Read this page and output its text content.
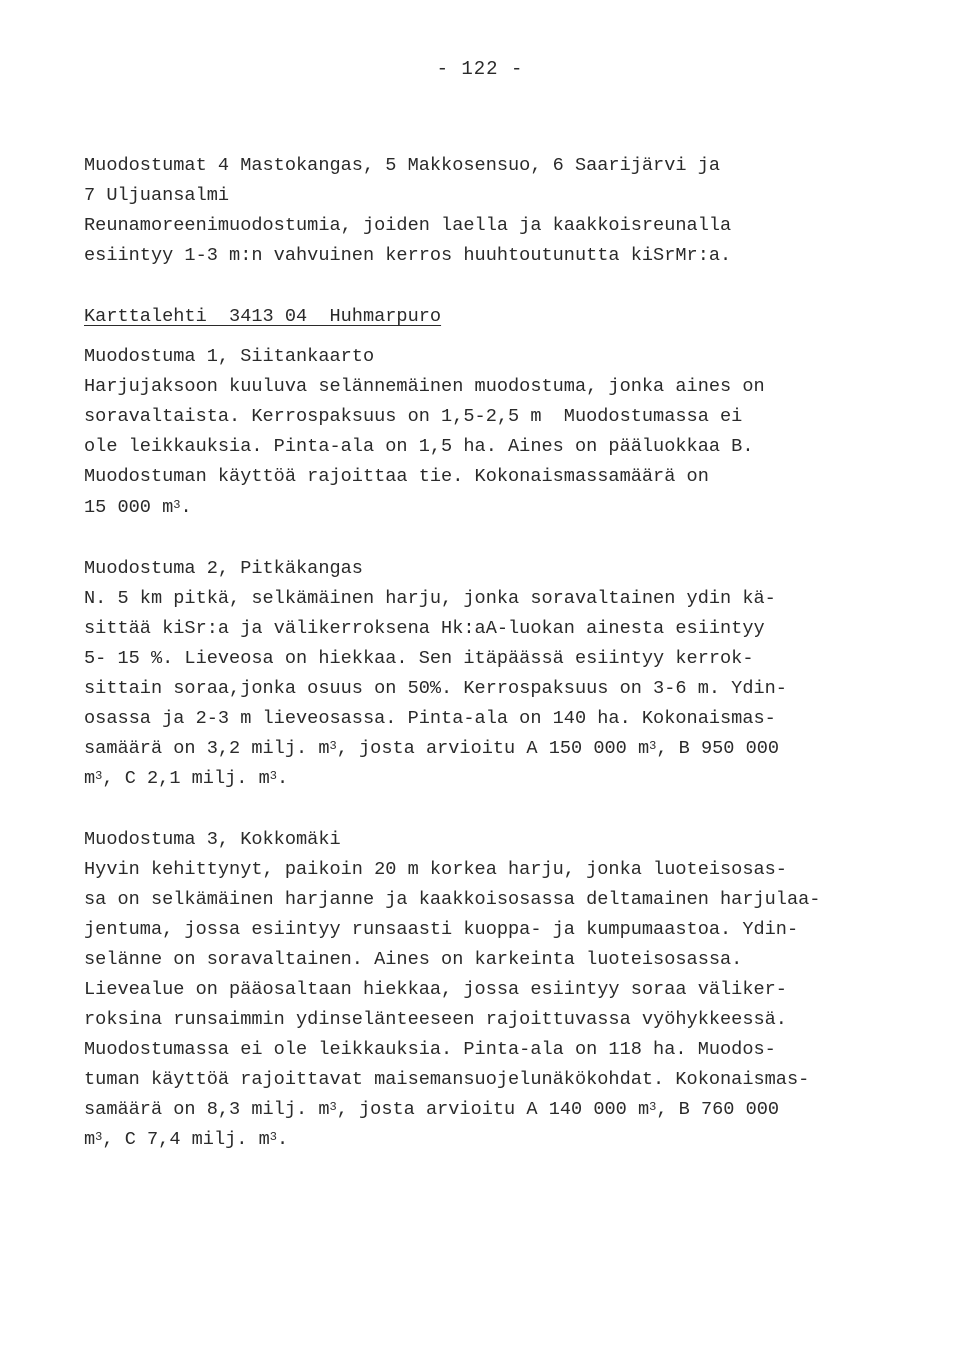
- 122 -
Muodostumat 4 Mastokangas, 5 Makkosensuo, 6 Saarijärvi ja
7 Uljuansalmi
Reunamoreenimuodostumia, joiden laella ja kaakkoisreunalla
esiintyy 1-3 m:n vahvuinen kerros huuhtoutunutta kiSrMr:a.
Karttalehti  3413 04  Huhmarpuro
Muodostuma 1, Siitankaarto
Harjujaksoon kuuluva selännemäinen muodostuma, jonka aines on
soravaltaista. Kerrospaksuus on 1,5-2,5 m  Muodostumassa ei
ole leikkauksia. Pinta-ala on 1,5 ha. Aines on pääluokkaa B.
Muodostuman käyttöä rajoittaa tie. Kokonaismassamäärä on
15 000 $m^3$.
Muodostuma 2, Pitkäkangas
N. 5 km pitkä, selkämäinen harju, jonka soravaltainen ydin kä-
sittää kiSr:a ja välikerroksena Hk:aA-luokan ainesta esiintyy
5- 15 %. Lieveosa on hiekkaa. Sen itäpäässä esiintyy kerrok-
sittain soraa,jonka osuus on 50%. Kerrospaksuus on 3-6 m. Ydin-
osassa ja 2-3 m lieveosassa. Pinta-ala on 140 ha. Kokonaismas-
samäärä on 3,2 milj. $m^3$, josta arvioitu A 150 000 $m^3$, B 950 000
$m^3$, C 2,1 milj. $m^3$.
Muodostuma 3, Kokkomäki
Hyvin kehittynyt, paikoin 20 m korkea harju, jonka luoteisosas-
sa on selkämäinen harjanne ja kaakkoisosassa deltamainen harjulaa-
jentuma, jossa esiintyy runsaasti kuoppa- ja kumpumaastoa. Ydin-
selänne on soravaltainen. Aines on karkeinta luoteisosassa.
Lievealue on pääosaltaan hiekkaa, jossa esiintyy soraa väliker-
roksina runsaimmin ydinselänteeseen rajoittuvassa vyöhykkeessä.
Muodostumassa ei ole leikkauksia. Pinta-ala on 118 ha. Muodos-
tuman käyttöä rajoittavat maisemansuojelunäkökohdat. Kokonaismas-
samäärä on 8,3 milj. $m^3$, josta arvioitu A 140 000 $m^3$, B 760 000
$m^3$, C 7,4 milj. $m^3$.
